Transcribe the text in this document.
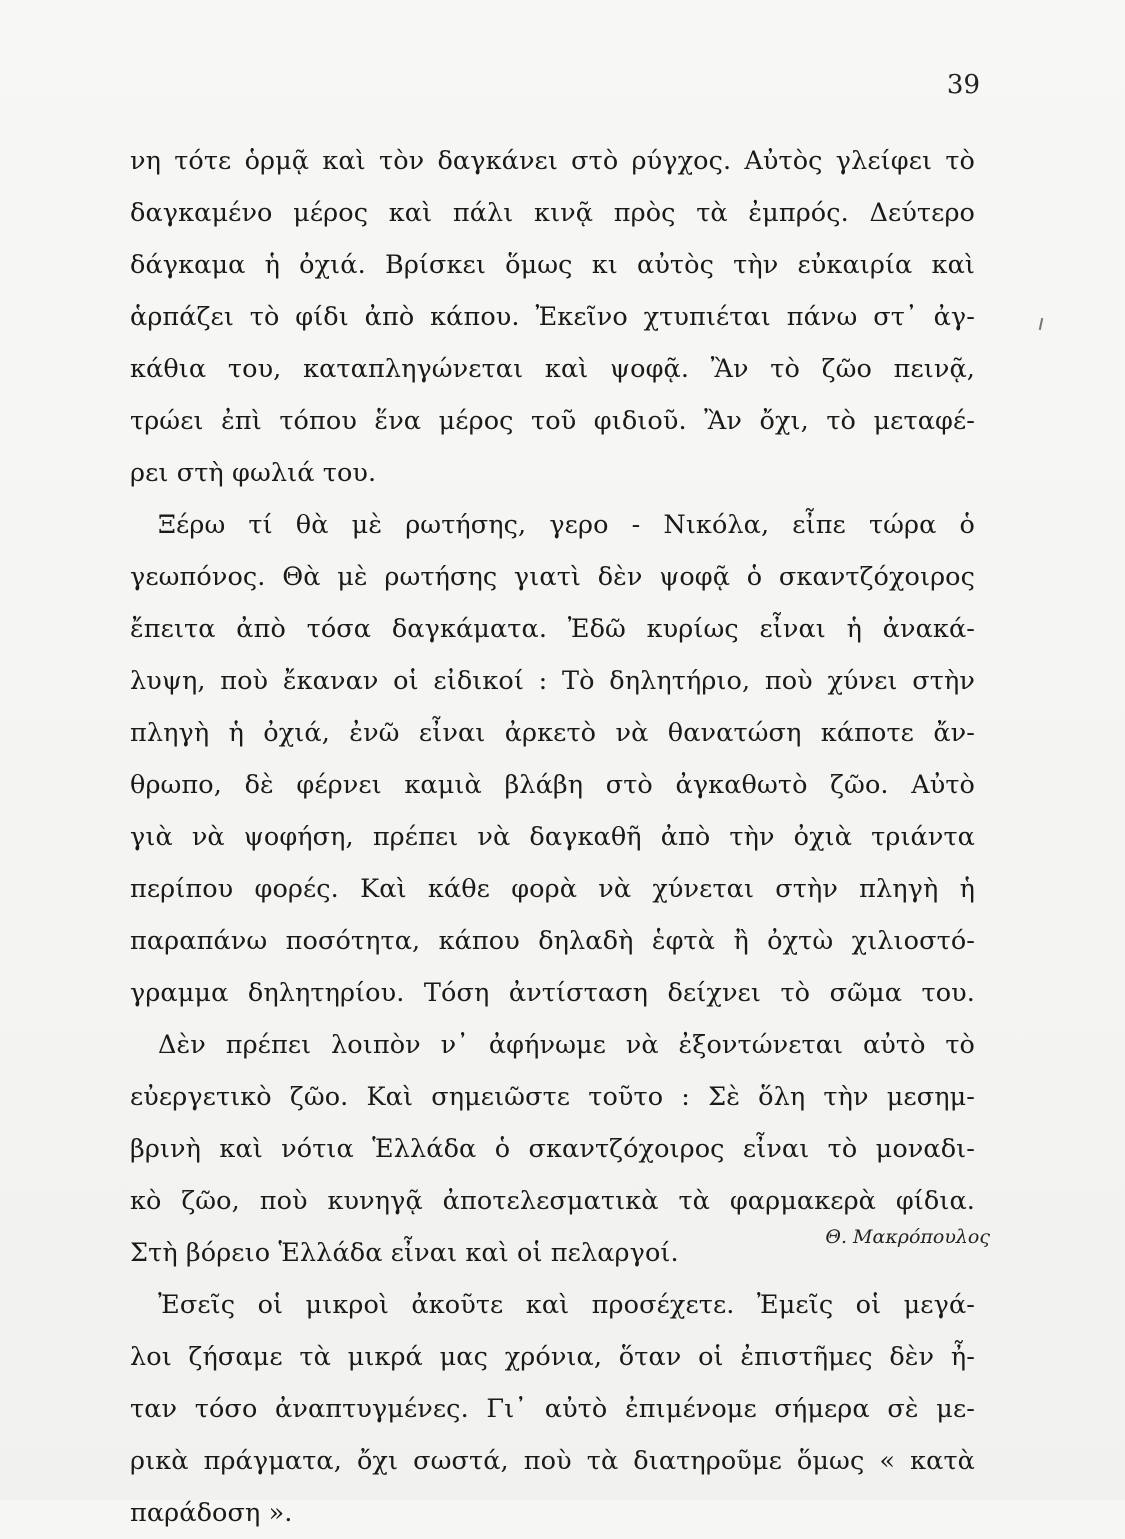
39
νη τότε ὁρμᾷ καὶ τὸν δαγκάνει στὸ ρύγχος. Αὐτὸς γλείφει τὸ
δαγκαμένο μέρος καὶ πάλι κινᾷ πρὸς τὰ ἐμπρός. Δεύτερο
δάγκαμα ἡ ὀχιά. Βρίσκει ὅμως κι αὐτὸς τὴν εὐκαιρία καὶ
ἁρπάζει τὸ φίδι ἀπὸ κάπου. Ἐκεῖνο χτυπιέται πάνω στ᾿ ἀγ-
κάθια του, καταπληγώνεται καὶ ψοφᾷ. Ἂν τὸ ζῶο πεινᾷ,
τρώει ἐπὶ τόπου ἕνα μέρος τοῦ φιδιοῦ. Ἂν ὄχι, τὸ μεταφέ-
ρει στὴ φωλιά του.
Ξέρω τί θὰ μὲ ρωτήσης, γερο - Νικόλα, εἶπε τώρα ὁ
γεωπόνος. Θὰ μὲ ρωτήσης γιατὶ δὲν ψοφᾷ ὁ σκαντζόχοιρος
ἔπειτα ἀπὸ τόσα δαγκάματα. Ἐδῶ κυρίως εἶναι ἡ ἀνακά-
λυψη, ποὺ ἔκαναν οἱ εἰδικοί : Τὸ δηλητήριο, ποὺ χύνει στὴν
πληγὴ ἡ ὀχιά, ἐνῶ εἶναι ἀρκετὸ νὰ θανατώση κάποτε ἄν-
θρωπο, δὲ φέρνει καμιὰ βλάβη στὸ ἀγκαθωτὸ ζῶο. Αὐτὸ
γιὰ νὰ ψοφήση, πρέπει νὰ δαγκαθῆ ἀπὸ τὴν ὀχιὰ τριάντα
περίπου φορές. Καὶ κάθε φορὰ νὰ χύνεται στὴν πληγὴ ἡ
παραπάνω ποσότητα, κάπου δηλαδὴ ἑφτὰ ἢ ὀχτὼ χιλιοστό-
γραμμα δηλητηρίου. Τόση ἀντίσταση δείχνει τὸ σῶμα του.
Δὲν πρέπει λοιπὸν ν᾿ ἀφήνωμε νὰ ἐξοντώνεται αὐτὸ τὸ
εὐεργετικὸ ζῶο. Καὶ σημειῶστε τοῦτο : Σὲ ὅλη τὴν μεσημ-
βρινὴ καὶ νότια Ἑλλάδα ὁ σκαντζόχοιρος εἶναι τὸ μοναδι-
κὸ ζῶο, ποὺ κυνηγᾷ ἀποτελεσματικὰ τὰ φαρμακερὰ φίδια.
Στὴ βόρειο Ἑλλάδα εἶναι καὶ οἱ πελαργοί.
Ἐσεῖς οἱ μικροὶ ἀκοῦτε καὶ προσέχετε. Ἐμεῖς οἱ μεγά-
λοι ζήσαμε τὰ μικρά μας χρόνια, ὅταν οἱ ἐπιστῆμες δὲν ἦ-
ταν τόσο ἀναπτυγμένες. Γι᾿ αὐτὸ ἐπιμένομε σήμερα σὲ με-
ρικὰ πράγματα, ὄχι σωστά, ποὺ τὰ διατηροῦμε ὅμως « κατὰ
παράδοση ».
Θ. Μακρόπουλος
